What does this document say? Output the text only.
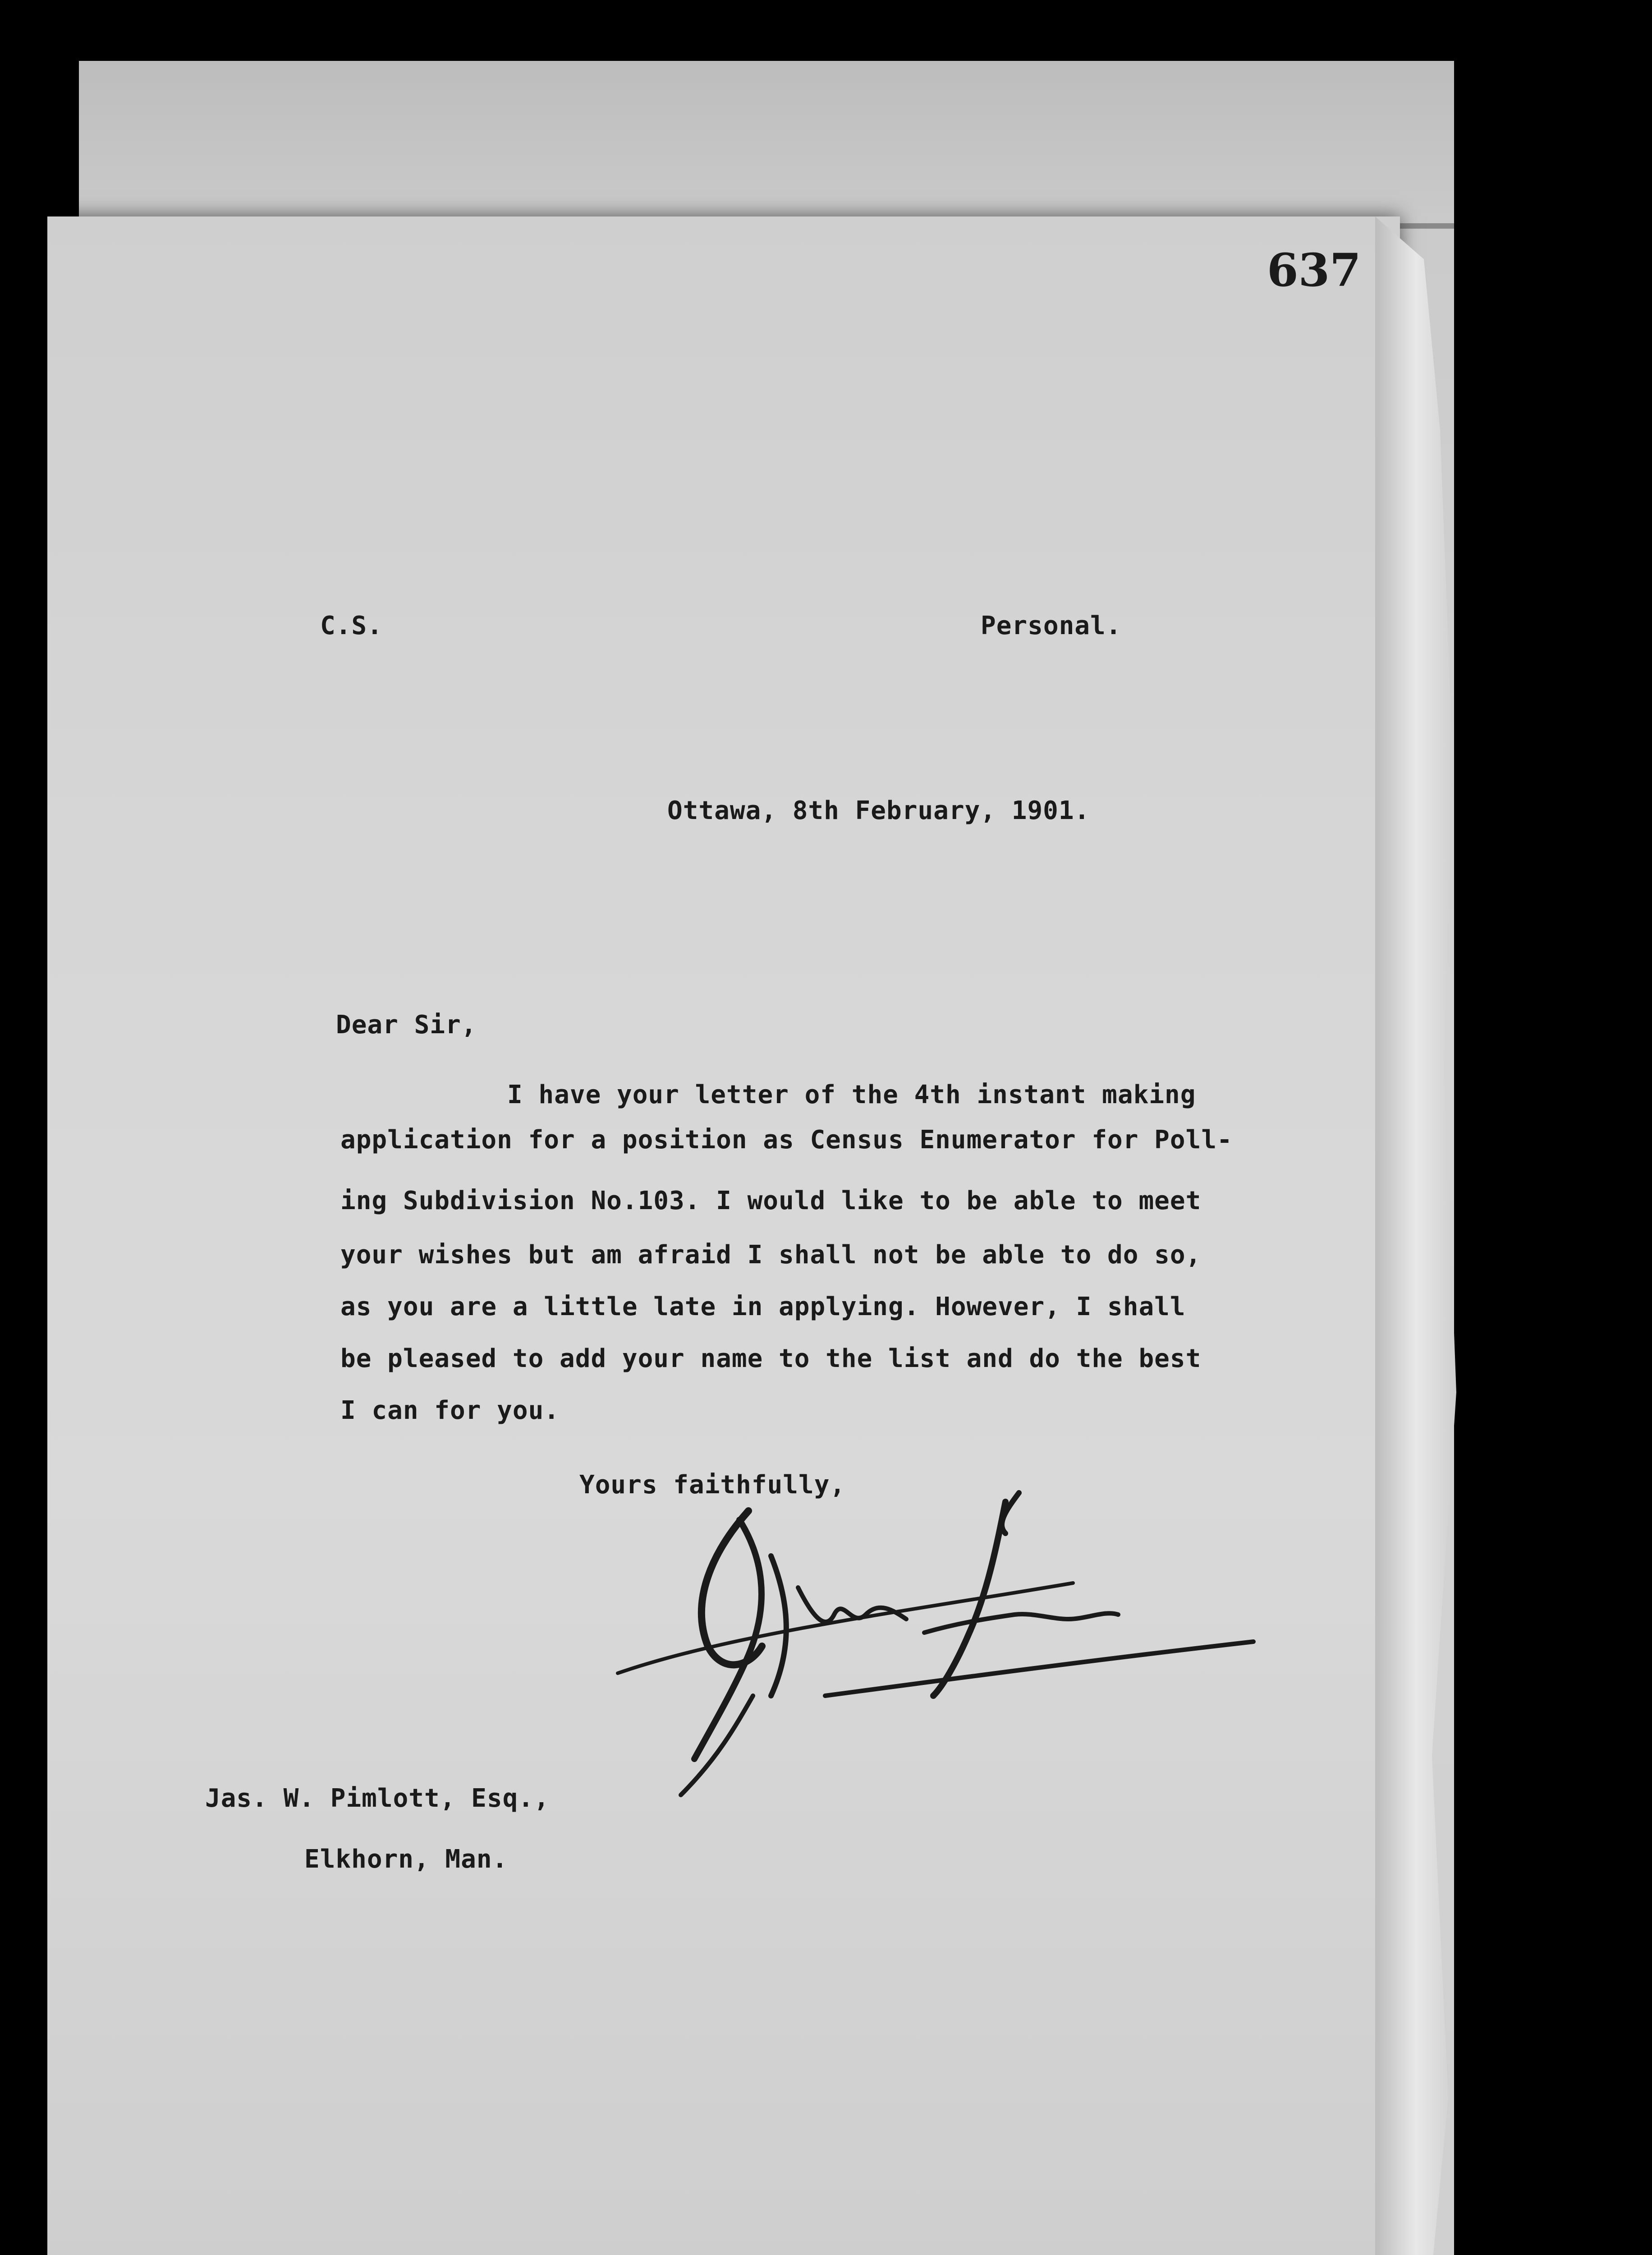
637
C.S.	Personal.
Ottawa, 8th February, 1901.
Dear Sir,
I have your letter of the 4th instant making
application for a position as Census Enumerator for Poll-
ing Subdivision No.103. I would like to be able to meet
your wishes but am afraid I shall not be able to do so,
as you are a little late in applying. However, I shall
be pleased to add your name to the list and do the best
I can for you.
Yours faithfully,
Jas. W. Pimlott, Esq.,
Elkhorn, Man.
